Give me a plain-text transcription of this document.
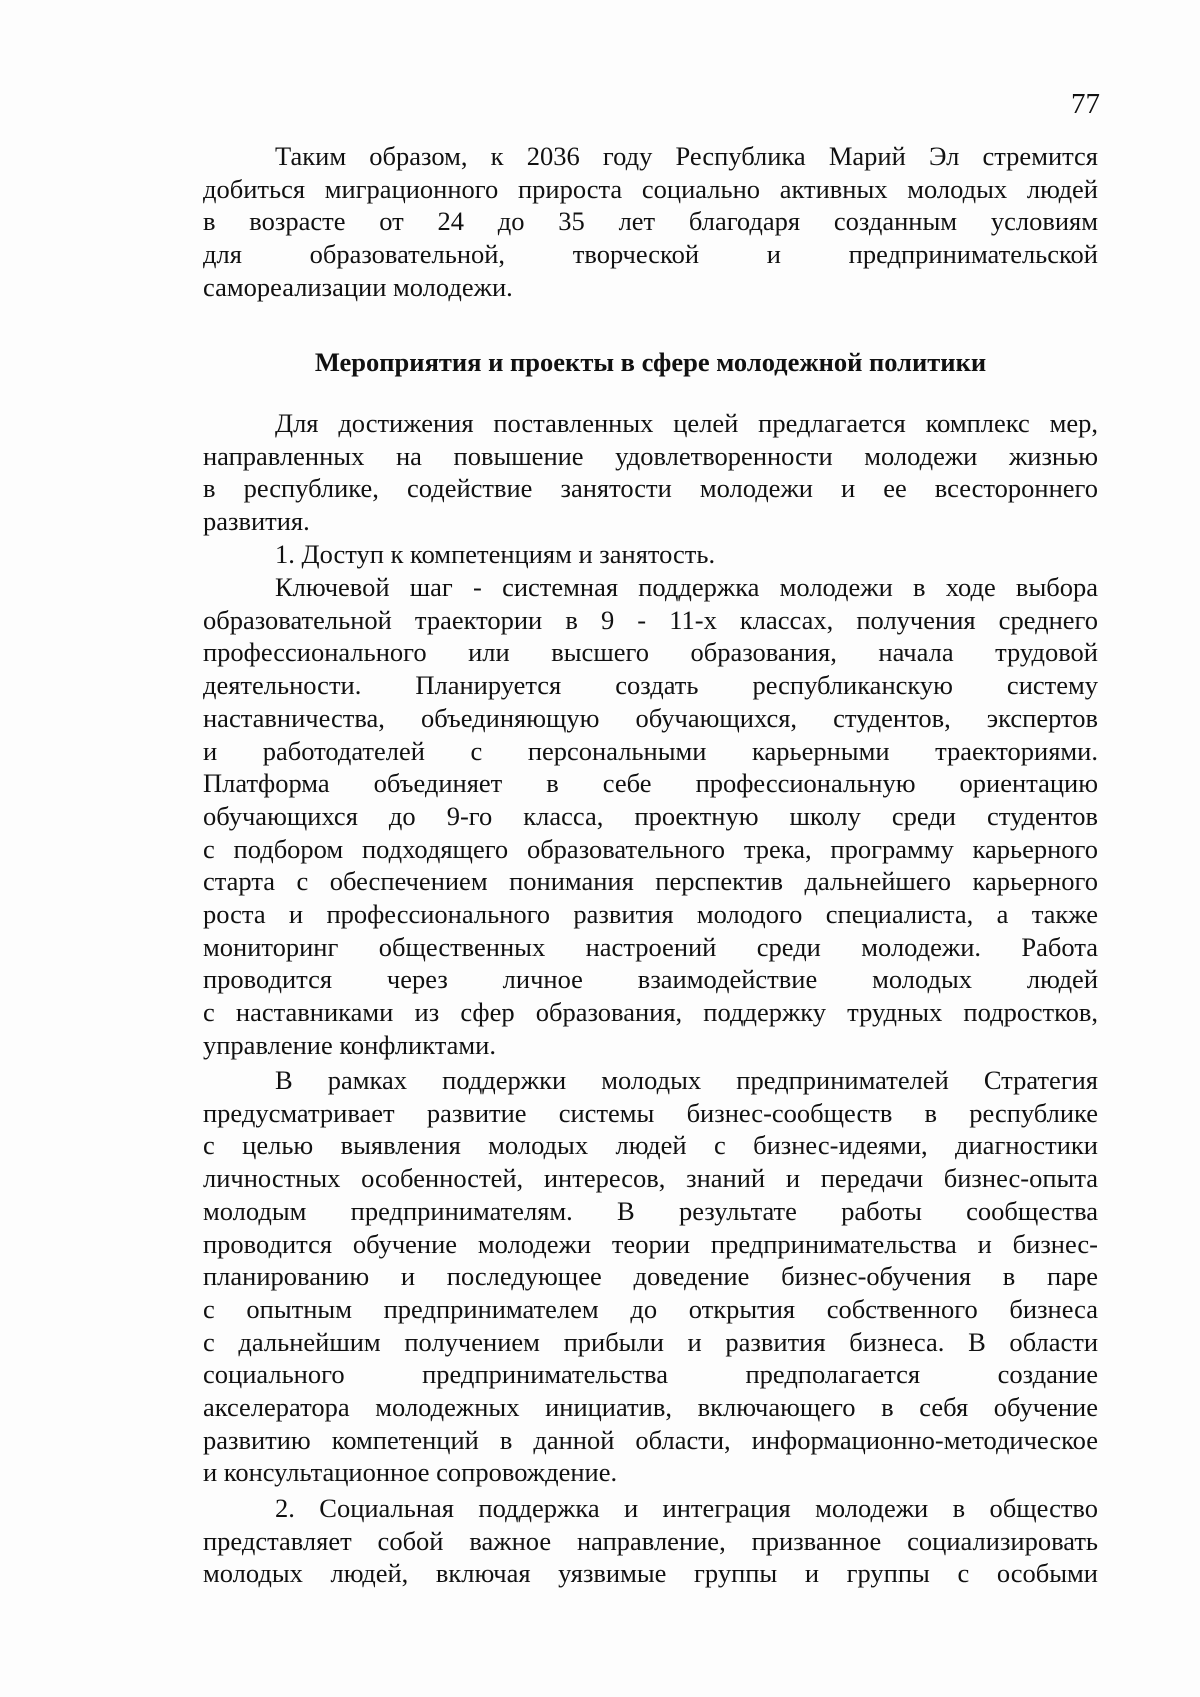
77
Таким образом, к 2036 году Республика Марий Эл стремится
добиться миграционного прироста социально активных молодых людей
в возрасте от 24 до 35 лет благодаря созданным условиям
для образовательной, творческой и предпринимательской
самореализации молодежи.
Мероприятия и проекты в сфере молодежной политики
Для достижения поставленных целей предлагается комплекс мер,
направленных на повышение удовлетворенности молодежи жизнью
в республике, содействие занятости молодежи и ее всестороннего
развития.
1. Доступ к компетенциям и занятость.
Ключевой шаг - системная поддержка молодежи в ходе выбора
образовательной траектории в 9 - 11-х классах, получения среднего
профессионального или высшего образования, начала трудовой
деятельности. Планируется создать республиканскую систему
наставничества, объединяющую обучающихся, студентов, экспертов
и работодателей с персональными карьерными траекториями.
Платформа объединяет в себе профессиональную ориентацию
обучающихся до 9-го класса, проектную школу среди студентов
с подбором подходящего образовательного трека, программу карьерного
старта с обеспечением понимания перспектив дальнейшего карьерного
роста и профессионального развития молодого специалиста, а также
мониторинг общественных настроений среди молодежи. Работа
проводится через личное взаимодействие молодых людей
с наставниками из сфер образования, поддержку трудных подростков,
управление конфликтами.
В рамках поддержки молодых предпринимателей Стратегия
предусматривает развитие системы бизнес-сообществ в республике
с целью выявления молодых людей с бизнес-идеями, диагностики
личностных особенностей, интересов, знаний и передачи бизнес-опыта
молодым предпринимателям. В результате работы сообщества
проводится обучение молодежи теории предпринимательства и бизнес-
планированию и последующее доведение бизнес-обучения в паре
с опытным предпринимателем до открытия собственного бизнеса
с дальнейшим получением прибыли и развития бизнеса. В области
социального предпринимательства предполагается создание
акселератора молодежных инициатив, включающего в себя обучение
развитию компетенций в данной области, информационно-методическое
и консультационное сопровождение.
2. Социальная поддержка и интеграция молодежи в общество
представляет собой важное направление, призванное социализировать
молодых людей, включая уязвимые группы и группы с особыми
